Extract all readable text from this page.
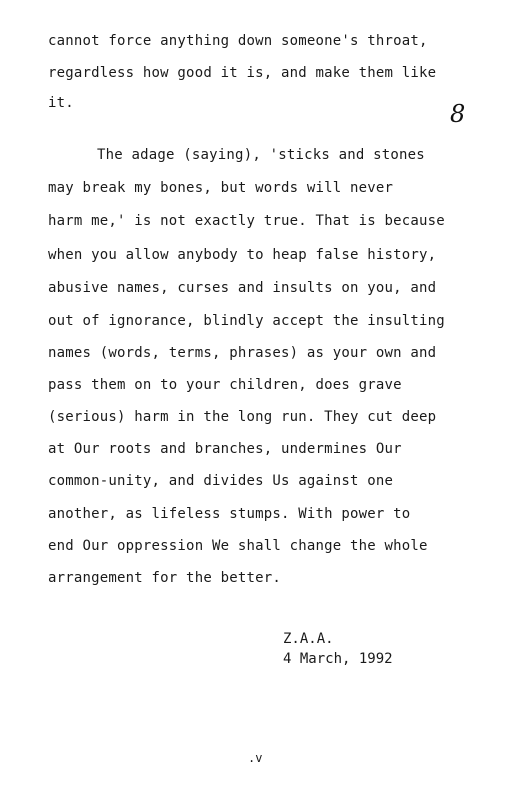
cannot force anything down someone's throat,
regardless how good it is, and make them like
it.	8
The adage (saying), 'sticks and stones
may break my bones, but words will never
harm me,' is not exactly true. That is because
when you allow anybody to heap false history,
abusive names, curses and insults on you, and
out of ignorance, blindly accept the insulting
names (words, terms, phrases) as your own and
pass them on to your children, does grave
(serious) harm in the long run. They cut deep
at Our roots and branches, undermines Our
common-unity, and divides Us against one
another, as lifeless stumps. With power to
end Our oppression We shall change the whole
arrangement for the better.
Z.A.A.
4 March, 1992
.v
